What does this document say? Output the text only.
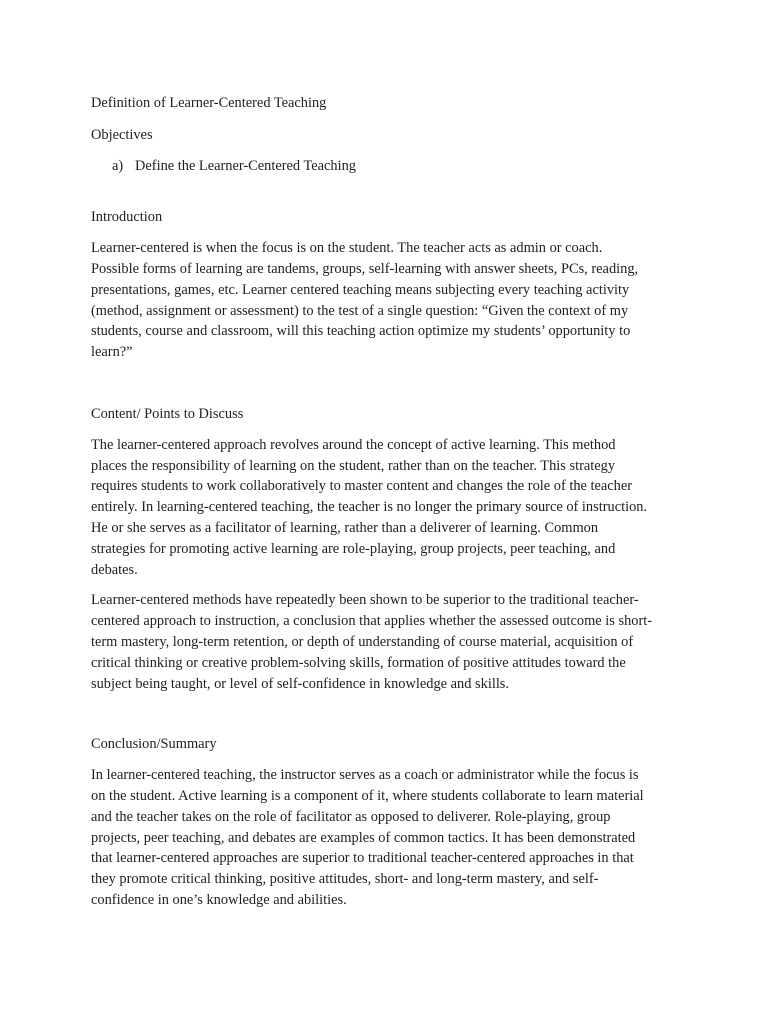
Definition of Learner-Centered Teaching
Objectives
a) Define the Learner-Centered Teaching
Introduction
Learner-centered is when the focus is on the student. The teacher acts as admin or coach.
Possible forms of learning are tandems, groups, self-learning with answer sheets, PCs, reading,
presentations, games, etc. Learner centered teaching means subjecting every teaching activity
(method, assignment or assessment) to the test of a single question: “Given the context of my
students, course and classroom, will this teaching action optimize my students’ opportunity to
learn?”
Content/ Points to Discuss
The learner-centered approach revolves around the concept of active learning. This method
places the responsibility of learning on the student, rather than on the teacher. This strategy
requires students to work collaboratively to master content and changes the role of the teacher
entirely. In learning-centered teaching, the teacher is no longer the primary source of instruction.
He or she serves as a facilitator of learning, rather than a deliverer of learning. Common
strategies for promoting active learning are role-playing, group projects, peer teaching, and
debates.
Learner-centered methods have repeatedly been shown to be superior to the traditional teacher-
centered approach to instruction, a conclusion that applies whether the assessed outcome is short-
term mastery, long-term retention, or depth of understanding of course material, acquisition of
critical thinking or creative problem-solving skills, formation of positive attitudes toward the
subject being taught, or level of self-confidence in knowledge and skills.
Conclusion/Summary
In learner-centered teaching, the instructor serves as a coach or administrator while the focus is
on the student. Active learning is a component of it, where students collaborate to learn material
and the teacher takes on the role of facilitator as opposed to deliverer. Role-playing, group
projects, peer teaching, and debates are examples of common tactics. It has been demonstrated
that learner-centered approaches are superior to traditional teacher-centered approaches in that
they promote critical thinking, positive attitudes, short- and long-term mastery, and self-
confidence in one’s knowledge and abilities.
